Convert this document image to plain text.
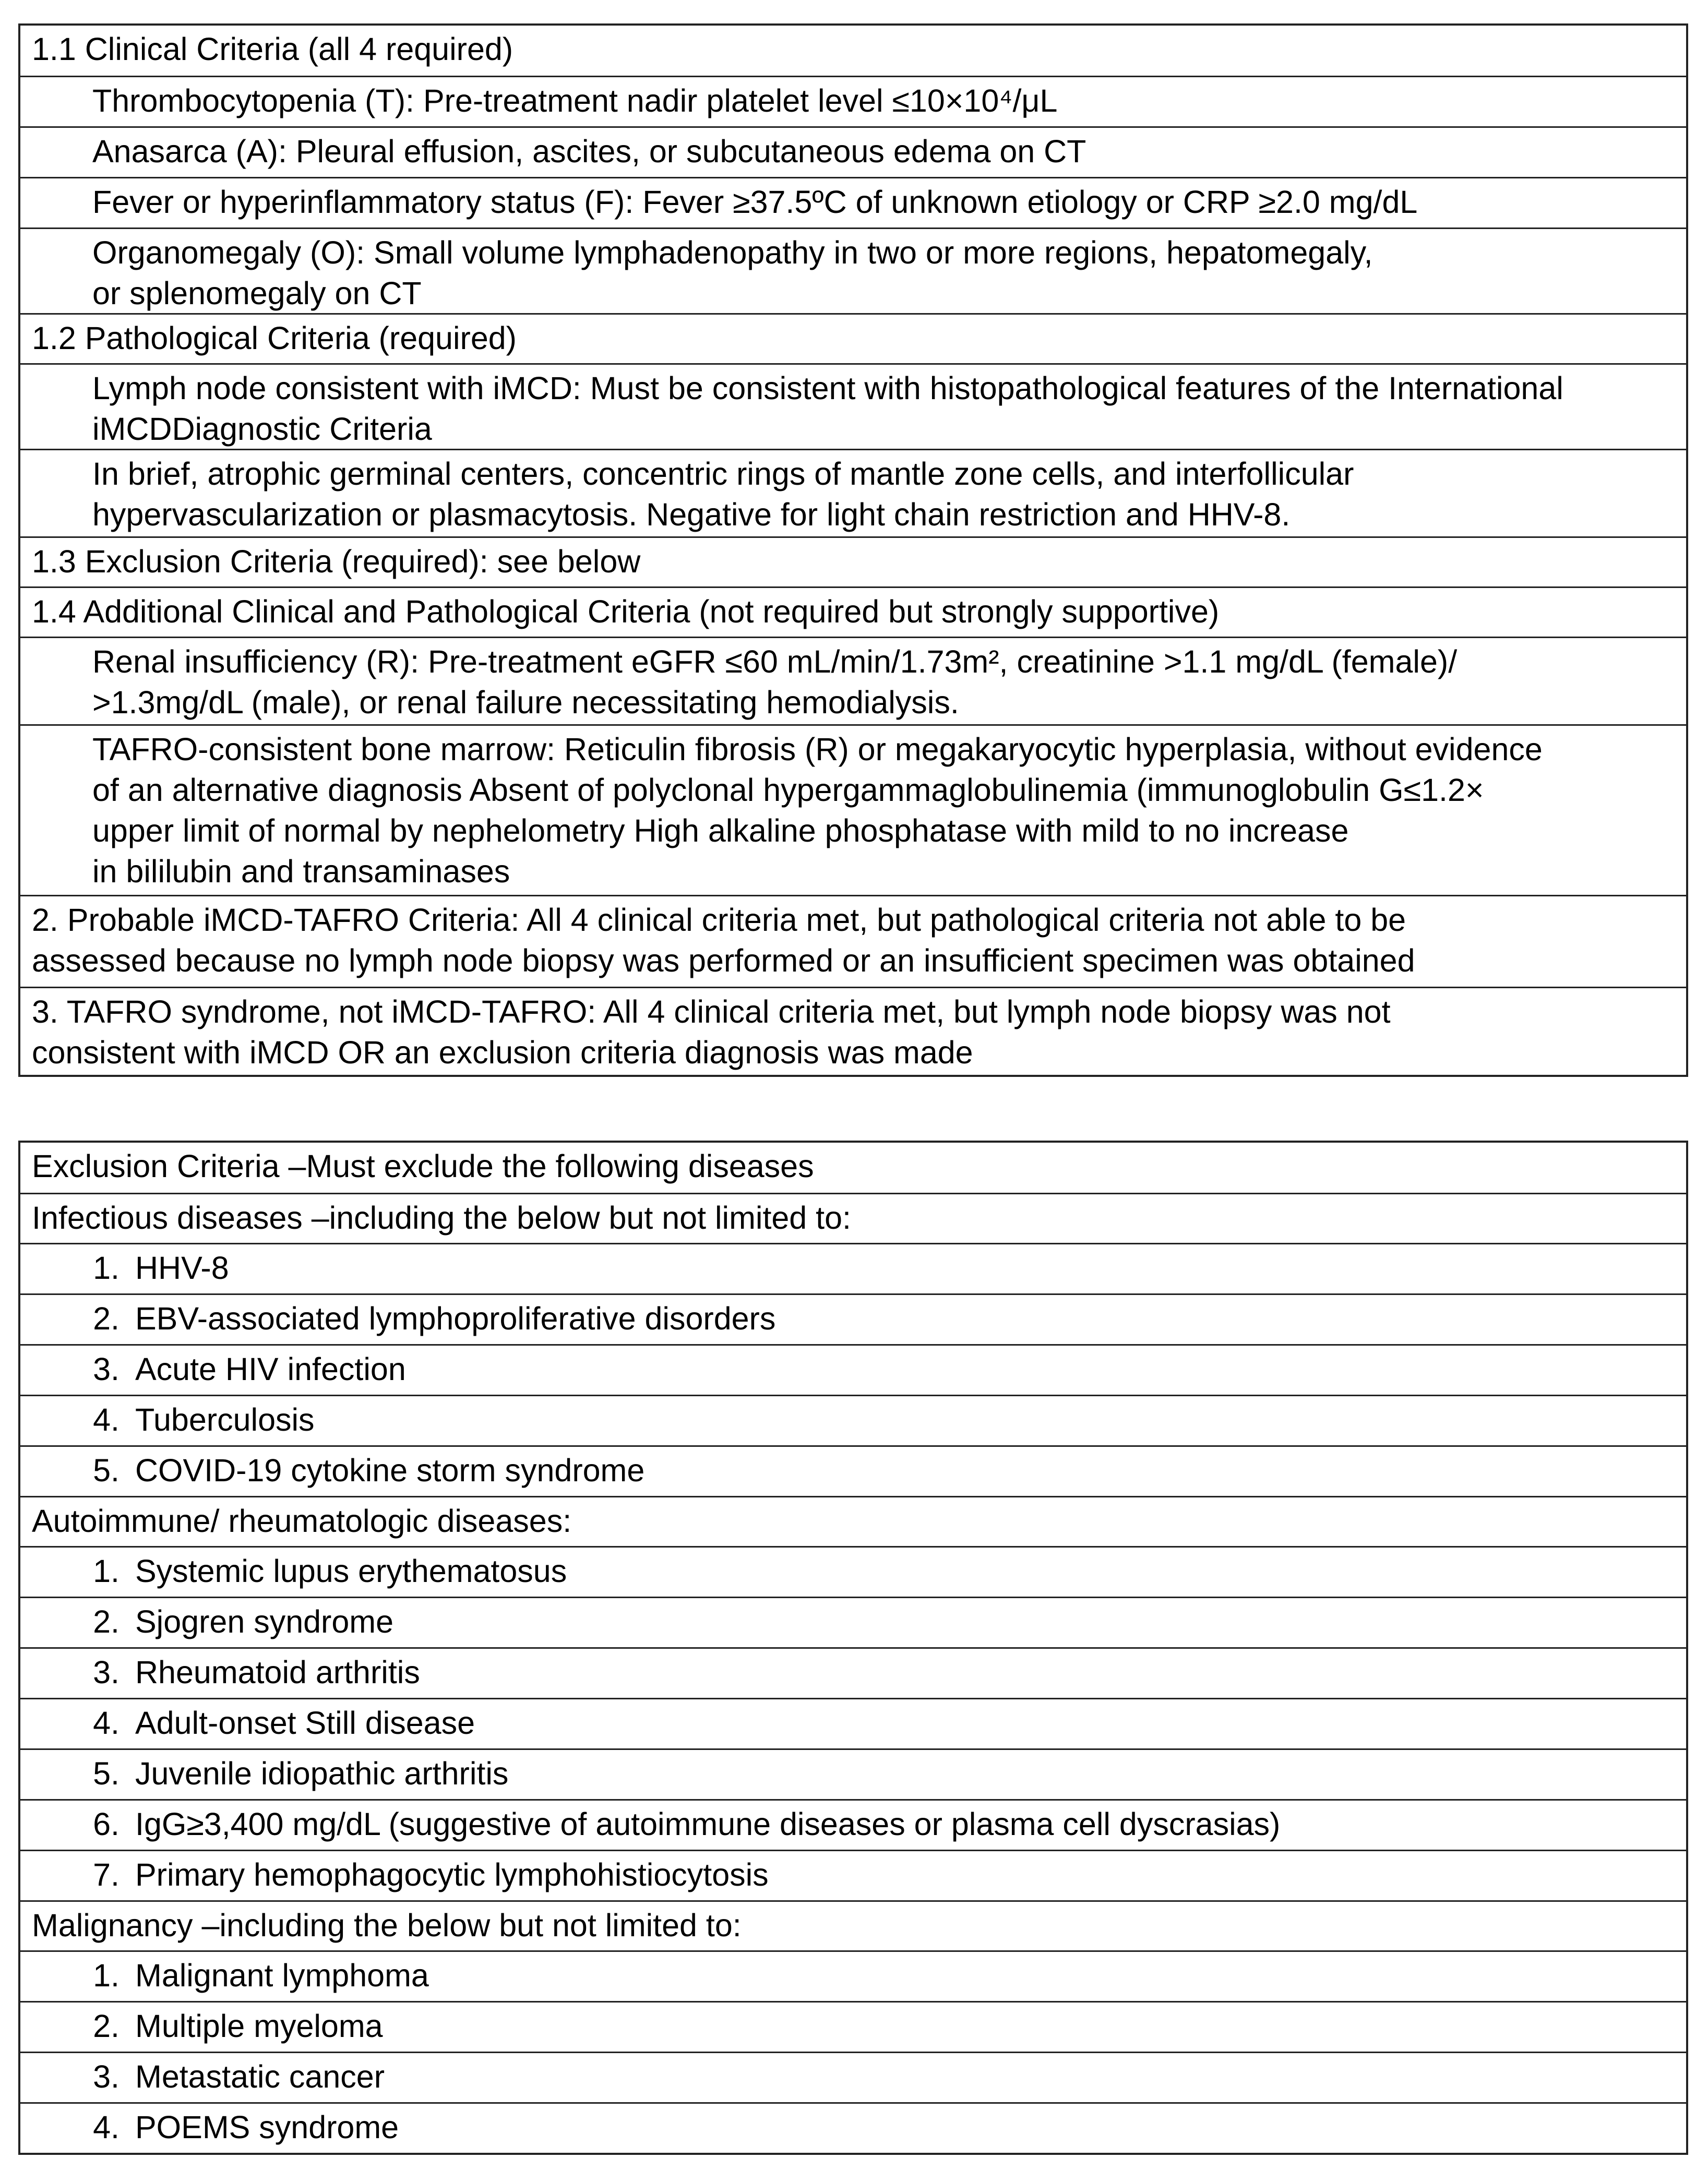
1.1 Clinical Criteria (all 4 required)
Thrombocytopenia (T): Pre-treatment nadir platelet level ≤10×10⁴/μL
Anasarca (A): Pleural effusion, ascites, or subcutaneous edema on CT
Fever or hyperinflammatory status (F): Fever ≥37.5ºC of unknown etiology or CRP ≥2.0 mg/dL
Organomegaly (O): Small volume lymphadenopathy in two or more regions, hepatomegaly,
or splenomegaly on CT
1.2 Pathological Criteria (required)
Lymph node consistent with iMCD: Must be consistent with histopathological features of the International
iMCDDiagnostic Criteria
In brief, atrophic germinal centers, concentric rings of mantle zone cells, and interfollicular
hypervascularization or plasmacytosis. Negative for light chain restriction and HHV-8.
1.3 Exclusion Criteria (required): see below
1.4 Additional Clinical and Pathological Criteria (not required but strongly supportive)
Renal insufficiency (R): Pre-treatment eGFR ≤60 mL/min/1.73m², creatinine >1.1 mg/dL (female)/
>1.3mg/dL (male), or renal failure necessitating hemodialysis.
TAFRO-consistent bone marrow: Reticulin fibrosis (R) or megakaryocytic hyperplasia, without evidence
of an alternative diagnosis Absent of polyclonal hypergammaglobulinemia (immunoglobulin G≤1.2×
upper limit of normal by nephelometry High alkaline phosphatase with mild to no increase
in bililubin and transaminases
2. Probable iMCD-TAFRO Criteria: All 4 clinical criteria met, but pathological criteria not able to be
assessed because no lymph node biopsy was performed or an insufficient specimen was obtained
3. TAFRO syndrome, not iMCD-TAFRO: All 4 clinical criteria met, but lymph node biopsy was not
consistent with iMCD OR an exclusion criteria diagnosis was made
Exclusion Criteria –Must exclude the following diseases
Infectious diseases –including the below but not limited to:
1. HHV-8
2. EBV-associated lymphoproliferative disorders
3. Acute HIV infection
4. Tuberculosis
5. COVID-19 cytokine storm syndrome
Autoimmune/ rheumatologic diseases:
1. Systemic lupus erythematosus
2. Sjogren syndrome
3. Rheumatoid arthritis
4. Adult-onset Still disease
5. Juvenile idiopathic arthritis
6. IgG≥3,400 mg/dL (suggestive of autoimmune diseases or plasma cell dyscrasias)
7. Primary hemophagocytic lymphohistiocytosis
Malignancy –including the below but not limited to:
1. Malignant lymphoma
2. Multiple myeloma
3. Metastatic cancer
4. POEMS syndrome
